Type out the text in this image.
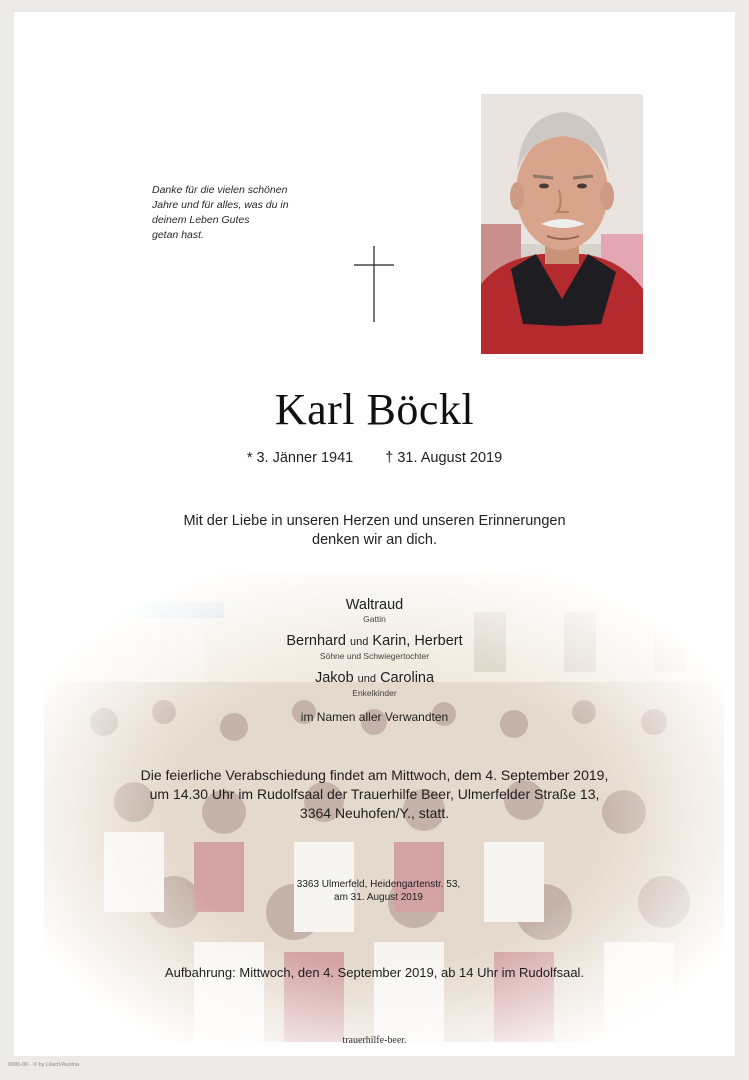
Danke für die vielen schönen
Jahre und für alles, was du in
deinem Leben Gutes
getan hast.
Karl Böckl
* 3. Jänner 1941 † 31. August 2019
Mit der Liebe in unseren Herzen und unseren Erinnerungen
denken wir an dich.
Waltraud
Gattin
Bernhard und Karin, Herbert
Söhne und Schwiegertochter
Jakob und Carolina
Enkelkinder
im Namen aller Verwandten
Die feierliche Verabschiedung findet am Mittwoch, dem 4. September 2019,
um 14.30 Uhr im Rudolfsaal der Trauerhilfe Beer, Ulmerfelder Straße 13,
3364 Neuhofen/Y., statt.
3363 Ulmerfeld, Heidengartenstr. 53,
am 31. August 2019
Aufbahrung: Mittwoch, den 4. September 2019, ab 14 Uhr im Rudolfsaal.
trauerhilfe-beer.
0000-00 · © by Lilach/Austria
